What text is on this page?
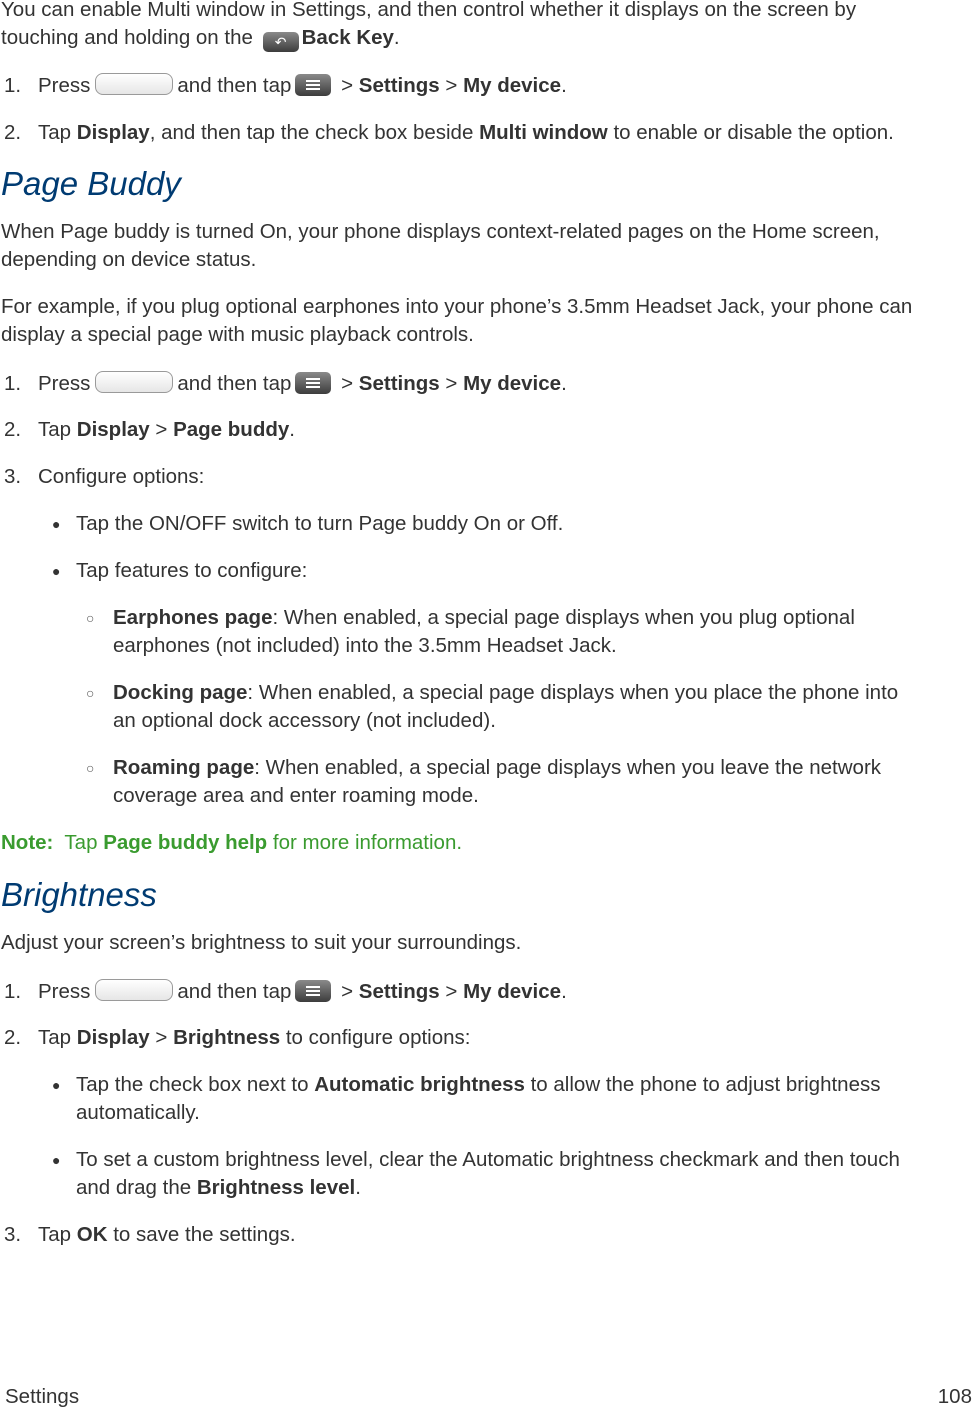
You can enable Multi window in Settings, and then control whether it displays on the screen by
touching and holding on the ↶ Back Key.
1. Press	and then tap > Settings > My device.
2. Tap Display, and then tap the check box beside Multi window to enable or disable the option.
Page Buddy
When Page buddy is turned On, your phone displays context-related pages on the Home screen,
depending on device status.
For example, if you plug optional earphones into your phone’s 3.5mm Headset Jack, your phone can
display a special page with music playback controls.
1. Press	and then tap > Settings > My device.
2. Tap Display > Page buddy.
3. Configure options:
● Tap the ON/OFF switch to turn Page buddy On or Off.
● Tap features to configure:
○ Earphones page: When enabled, a special page displays when you plug optional
earphones (not included) into the 3.5mm Headset Jack.
○ Docking page: When enabled, a special page displays when you place the phone into
an optional dock accessory (not included).
○ Roaming page: When enabled, a special page displays when you leave the network
coverage area and enter roaming mode.
Note: Tap Page buddy help for more information.
Brightness
Adjust your screen’s brightness to suit your surroundings.
1. Press	and then tap > Settings > My device.
2. Tap Display > Brightness to configure options:
● Tap the check box next to Automatic brightness to allow the phone to adjust brightness
automatically.
● To set a custom brightness level, clear the Automatic brightness checkmark and then touch
and drag the Brightness level.
3. Tap OK to save the settings.
Settings	108
